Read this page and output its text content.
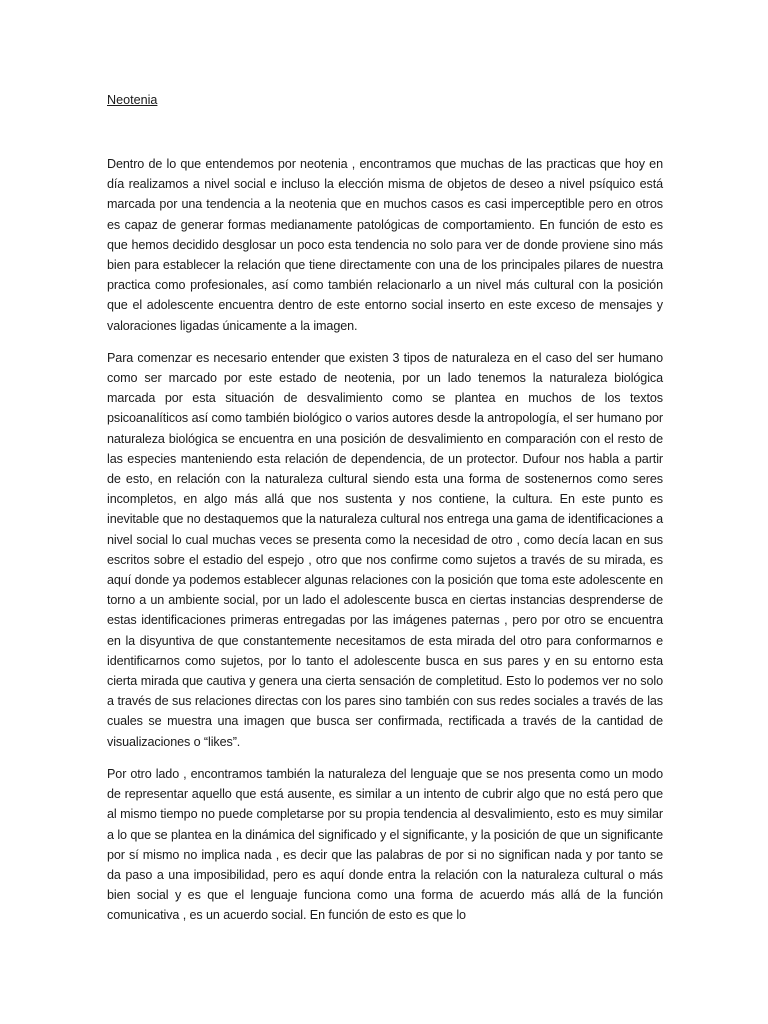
Neotenia

Dentro de lo que entendemos por neotenia , encontramos que muchas de las practicas que hoy en día realizamos a nivel social e incluso la elección misma de objetos de deseo a nivel psíquico está marcada por una tendencia a la neotenia que en muchos casos es casi imperceptible pero en otros es capaz de generar formas medianamente patológicas de comportamiento. En función de esto es que hemos decidido desglosar un poco esta tendencia no solo para ver de donde proviene sino más bien para establecer la relación que tiene directamente con una de los principales pilares de nuestra practica como profesionales, así como también relacionarlo a un nivel más cultural con la posición que el adolescente encuentra dentro de este entorno social inserto en este exceso de mensajes y valoraciones ligadas únicamente a la imagen.

Para comenzar es necesario entender que existen 3 tipos de naturaleza en el caso del ser humano como ser marcado por este estado de neotenia, por un lado tenemos la naturaleza biológica marcada por esta situación de desvalimiento como se plantea en muchos de los textos psicoanalíticos así como también biológico o varios autores desde la antropología, el ser humano por naturaleza biológica se encuentra en una posición de desvalimiento en comparación con el resto de las especies manteniendo esta relación de dependencia, de un protector. Dufour nos habla a partir de esto, en relación con la naturaleza cultural siendo esta una forma de sostenernos como seres incompletos, en algo más allá que nos sustenta y nos contiene, la cultura. En este punto es inevitable que no destaquemos que la naturaleza cultural nos entrega una gama de identificaciones a nivel social lo cual muchas veces se presenta como la necesidad de otro , como decía lacan en sus escritos sobre el estadio del espejo , otro que nos confirme como sujetos a través de su mirada, es aquí donde ya podemos establecer algunas relaciones con la posición que toma este adolescente en torno a un ambiente social, por un lado el adolescente busca en ciertas instancias desprenderse de estas identificaciones primeras entregadas por las imágenes paternas , pero por otro se encuentra en la disyuntiva de que constantemente necesitamos de esta mirada del otro para conformarnos e identificarnos como sujetos, por lo tanto el adolescente busca en sus pares y en su entorno esta cierta mirada que cautiva y genera una cierta sensación de completitud. Esto lo podemos ver no solo a través de sus relaciones directas con los pares sino también con sus redes sociales a través de las cuales se muestra una imagen que busca ser confirmada, rectificada a través de la cantidad de visualizaciones o “likes”.

Por otro lado , encontramos también la naturaleza del lenguaje que se nos presenta como un modo de representar aquello que está ausente, es similar a un intento de cubrir algo que no está pero que al mismo tiempo no puede completarse por su propia tendencia al desvalimiento, esto es muy similar a lo que se plantea en la dinámica del significado y el significante, y la posición de que un significante por sí mismo no implica nada , es decir que las palabras de por si no significan nada y por tanto se da paso a una imposibilidad, pero es aquí donde entra la relación con la naturaleza cultural o más bien social y es que el lenguaje funciona como una forma de acuerdo más allá de la función comunicativa , es un acuerdo social. En función de esto es que lo
